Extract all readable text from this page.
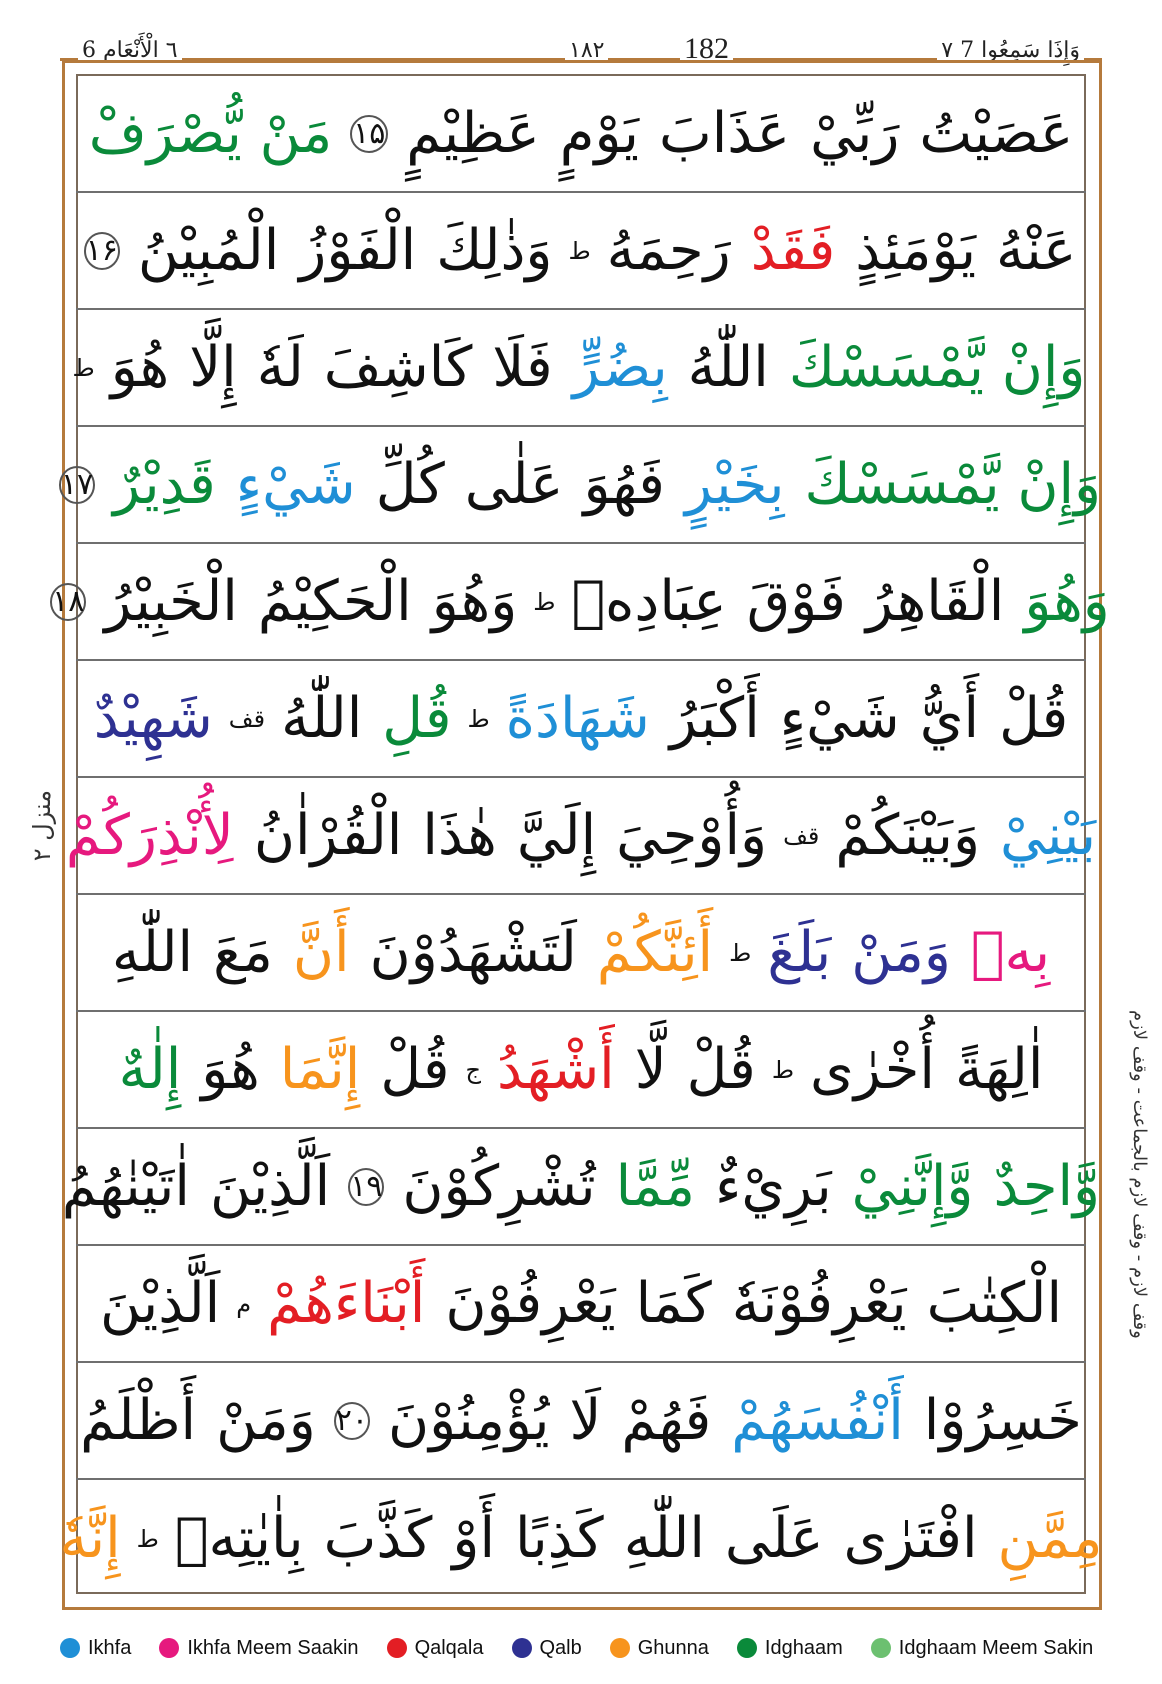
٦ الْأَنْعَام 6	۱۸۲	182	وَإِذَا سَمِعُوا 7 ٧
منزل ۲
وقف لازم - وقف لازم بالجماعت - وقف لازم
عَصَيْتُ
رَبِّيْ
عَذَابَ
يَوْمٍ
عَظِيْمٍ
۱۵
مَنْ يُّصْرَفْ
عَنْهُ
يَوْمَئِذٍ
فَقَدْ
رَحِمَهُ
ط
وَذٰلِكَ
الْفَوْزُ
الْمُبِيْنُ
۱۶
وَإِنْ يَّمْسَسْكَ
اللّٰهُ
بِضُرٍّ
فَلَا
كَاشِفَ
لَهٗ
إِلَّا
هُوَ
ط
وَإِنْ يَّمْسَسْكَ
بِخَيْرٍ
فَهُوَ
عَلٰى
كُلِّ
شَيْءٍ
قَدِيْرٌ
۱۷
وَهُوَ
الْقَاهِرُ
فَوْقَ
عِبَادِهٖ
ط
وَهُوَ
الْحَكِيْمُ
الْخَبِيْرُ
۱۸
قُلْ
أَيُّ
شَيْءٍ
أَكْبَرُ
شَهَادَةً
ط
قُلِ
اللّٰهُ
قف
شَهِيْدٌ
بَيْنِيْ
وَبَيْنَكُمْ
قف
وَأُوْحِيَ
إِلَيَّ
هٰذَا
الْقُرْاٰنُ
لِأُنْذِرَكُمْ
بِهٖ
وَمَنْ
بَلَغَ
ط
أَئِنَّكُمْ
لَتَشْهَدُوْنَ
أَنَّ
مَعَ
اللّٰهِ
اٰلِهَةً
أُخْرٰى
ط
قُلْ
لَّا
أَشْهَدُ
ج
قُلْ
إِنَّمَا
هُوَ
إِلٰهٌ
وَّاحِدٌ
وَّإِنَّنِيْ
بَرِيْءٌ
مِّمَّا
تُشْرِكُوْنَ
۱۹
اَلَّذِيْنَ
اٰتَيْنٰهُمُ
الْكِتٰبَ
يَعْرِفُوْنَهٗ
كَمَا
يَعْرِفُوْنَ
أَبْنَاءَهُمْ
م
اَلَّذِيْنَ
خَسِرُوْا
أَنْفُسَهُمْ
فَهُمْ
لَا
يُؤْمِنُوْنَ
۲۰
وَمَنْ
أَظْلَمُ
مِمَّنِ
افْتَرٰى
عَلَى
اللّٰهِ
كَذِبًا
أَوْ
كَذَّبَ
بِاٰيٰتِهٖ
ط
إِنَّهٗ
Ikhfa	Ikhfa Meem Saakin	Qalqala	Qalb	Ghunna	Idghaam	Idghaam Meem Sakin
